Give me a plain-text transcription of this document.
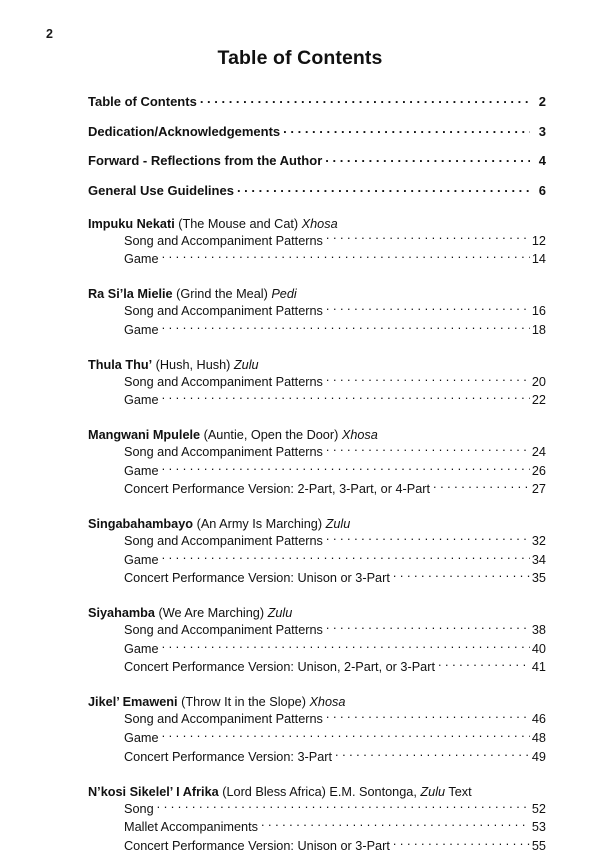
2
Table of Contents
Table of Contents . . .	2
Dedication/Acknowledgements . . .	3
Forward - Reflections from the Author . . .	4
General Use Guidelines . . .	6
Impuku Nekati (The Mouse and Cat) Xhosa
Song and Accompaniment Patterns . . .	12
Game . . .	14
Ra Si’la Mielie (Grind the Meal) Pedi
Song and Accompaniment Patterns . . .	16
Game . . .	18
Thula Thu’ (Hush, Hush) Zulu
Song and Accompaniment Patterns . . .	20
Game . . .	22
Mangwani Mpulele (Auntie, Open the Door) Xhosa
Song and Accompaniment Patterns . . .	24
Game . . .	26
Concert Performance Version: 2-Part, 3-Part, or 4-Part . . .	27
Singabahambayo (An Army Is Marching) Zulu
Song and Accompaniment Patterns . . .	32
Game . . .	34
Concert Performance Version: Unison or 3-Part . . .	35
Siyahamba (We Are Marching) Zulu
Song and Accompaniment Patterns . . .	38
Game . . .	40
Concert Performance Version: Unison, 2-Part, or 3-Part . . .	41
Jikel’ Emaweni (Throw It in the Slope) Xhosa
Song and Accompaniment Patterns . . .	46
Game . . .	48
Concert Performance Version: 3-Part . . .	49
N’kosi Sikelel’ I Afrika (Lord Bless Africa) E.M. Sontonga, Zulu Text
Song . . .	52
Mallet Accompaniments . . .	53
Concert Performance Version: Unison or 3-Part . . .	55
